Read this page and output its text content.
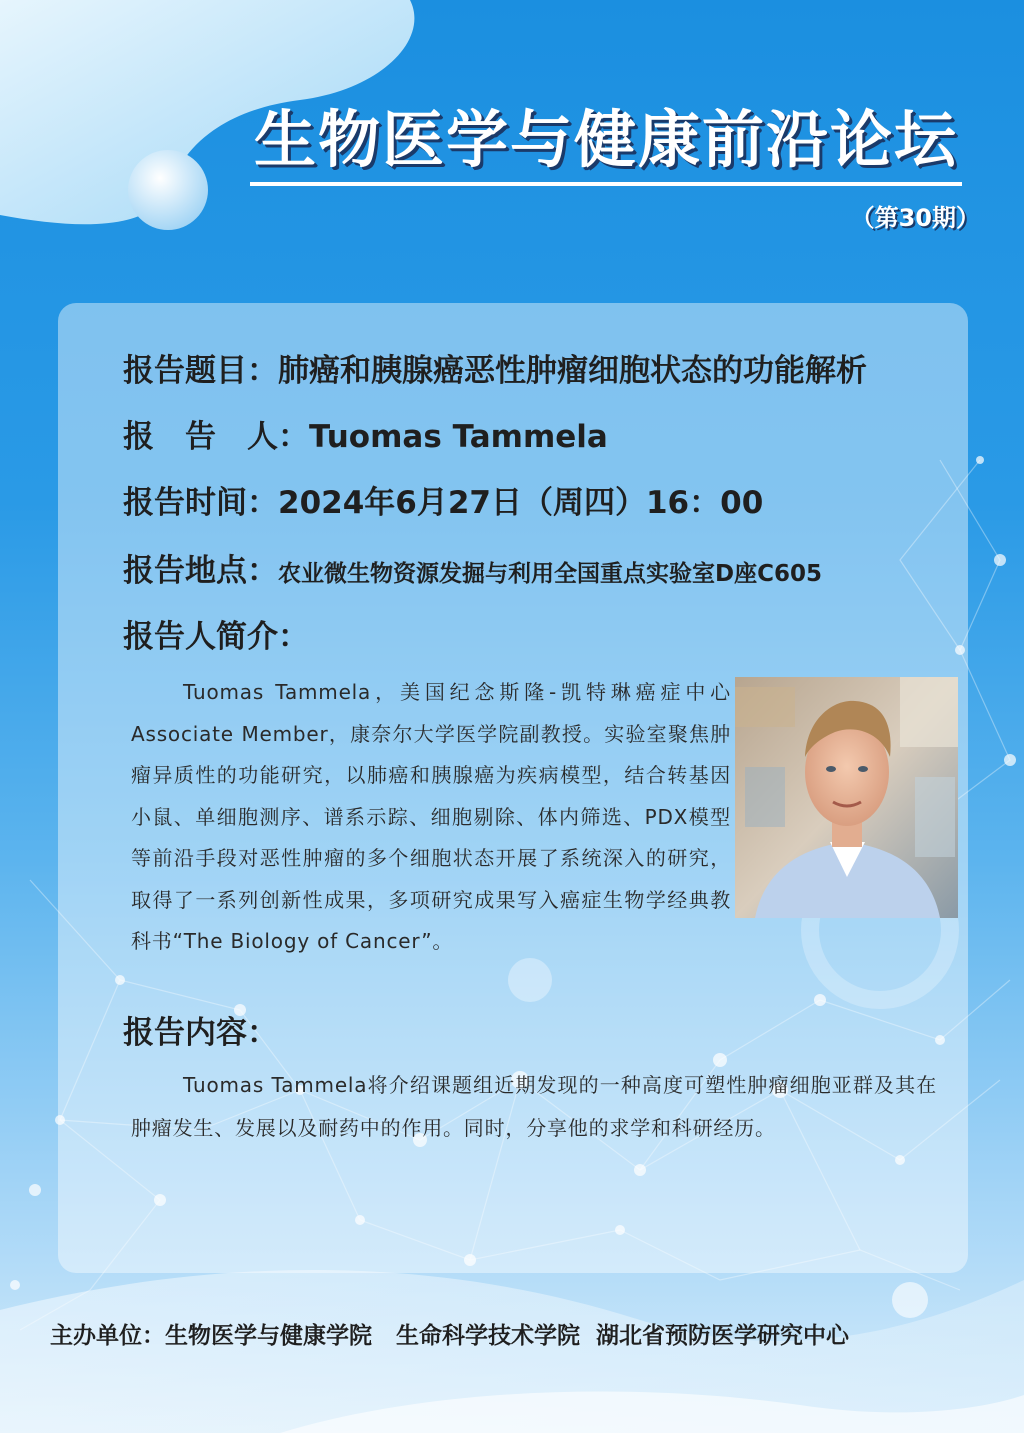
生物医学与健康前沿论坛
（第30期）
报告题目：肺癌和胰腺癌恶性肿瘤细胞状态的功能解析
报　告　人：Tuomas Tammela
报告时间：2024年6月27日（周四）16：00
报告地点：农业微生物资源发掘与利用全国重点实验室D座C605
报告人简介：
Tuomas Tammela，美国纪念斯隆-凯特琳癌症中心 Associate Member，康奈尔大学医学院副教授。实验室聚焦肿瘤异质性的功能研究，以肺癌和胰腺癌为疾病模型，结合转基因小鼠、单细胞测序、谱系示踪、细胞剔除、体内筛选、PDX模型等前沿手段对恶性肿瘤的多个细胞状态开展了系统深入的研究，取得了一系列创新性成果，多项研究成果写入癌症生物学经典教科书“The Biology of Cancer”。
报告内容：
Tuomas Tammela将介绍课题组近期发现的一种高度可塑性肿瘤细胞亚群及其在肿瘤发生、发展以及耐药中的作用。同时，分享他的求学和科研经历。
主办单位：生物医学与健康学院 生命科学技术学院 湖北省预防医学研究中心
